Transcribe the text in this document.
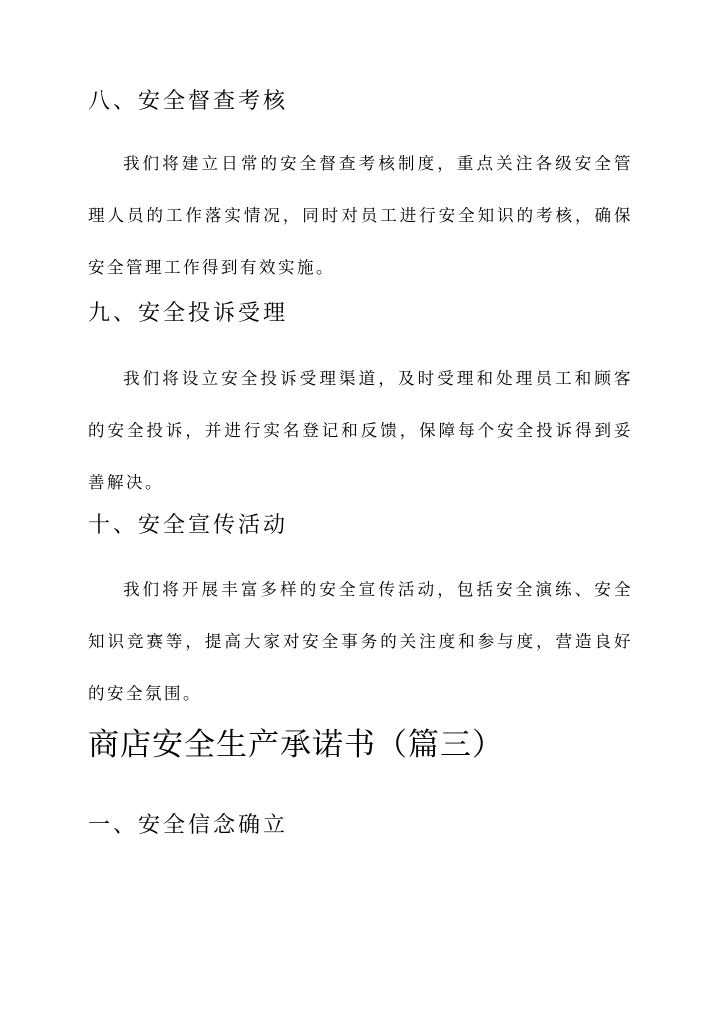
八、安全督查考核

我们将建立日常的安全督查考核制度，重点关注各级安全管理人员的工作落实情况，同时对员工进行安全知识的考核，确保安全管理工作得到有效实施。

九、安全投诉受理

我们将设立安全投诉受理渠道，及时受理和处理员工和顾客的安全投诉，并进行实名登记和反馈，保障每个安全投诉得到妥善解决。

十、安全宣传活动

我们将开展丰富多样的安全宣传活动，包括安全演练、安全知识竞赛等，提高大家对安全事务的关注度和参与度，营造良好的安全氛围。

商店安全生产承诺书（篇三）
一、安全信念确立
